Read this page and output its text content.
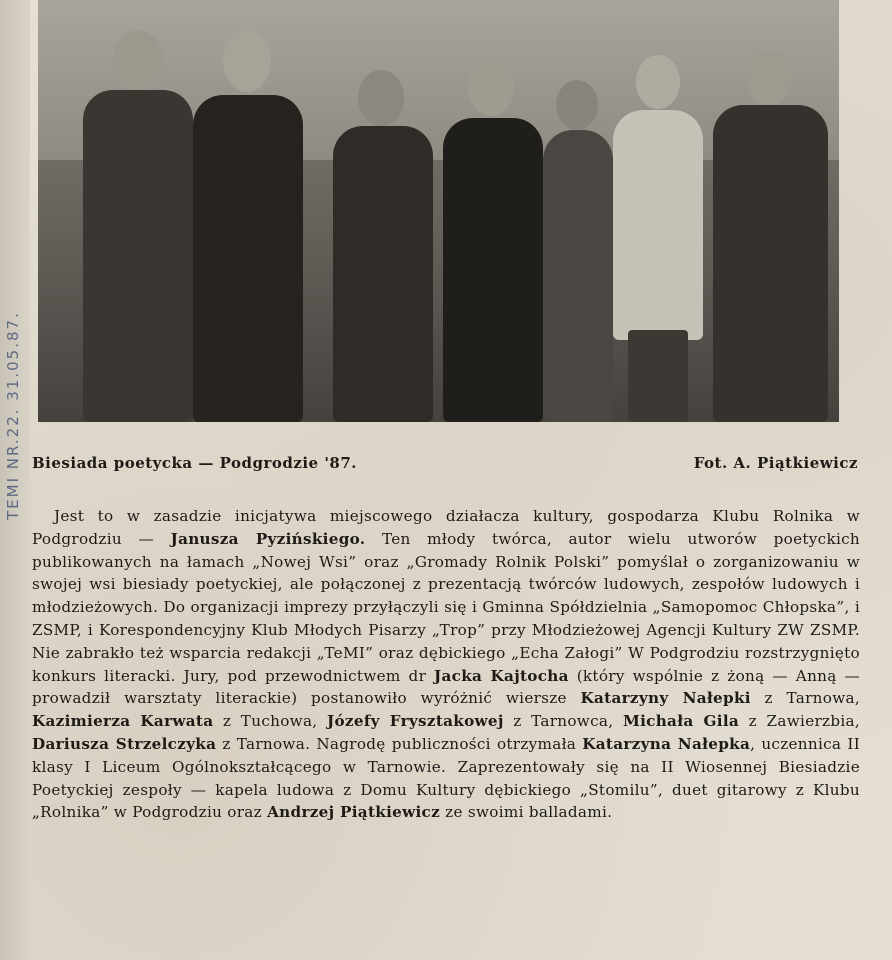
TEMI NR.22. 31.05.87. Biesiada poetycka — Podgrodzie '87.	Fot. A. Piątkiewicz

Jest to w zasadzie inicjatywa miejscowego działacza kultury, gospodarza Klubu Rolnika w Podgrodziu — Janusza Pyzińskiego. Ten młody twórca, autor wielu utworów poetyckich publikowanych na łamach „Nowej Wsi” oraz „Gromady Rolnik Polski” pomyślał o zorganizowaniu w swojej wsi biesiady poetyckiej, ale połączonej z prezentacją twórców ludowych, zespołów ludowych i młodzieżowych. Do organizacji imprezy przyłączyli się i Gminna Spółdzielnia „Samopomoc Chłopska”, i ZSMP, i Korespondencyjny Klub Młodych Pisarzy „Trop” przy Młodzieżowej Agencji Kultury ZW ZSMP. Nie zabrakło też wsparcia redakcji „TeMI” oraz dębickiego „Echa Załogi” W Podgrodziu rozstrzygnięto konkurs literacki. Jury, pod przewodnictwem dr Jacka Kajtocha (który wspólnie z żoną — Anną — prowadził warsztaty literackie) postanowiło wyróżnić wiersze Katarzyny Nałepki z Tarnowa, Kazimierza Karwata z Tuchowa, Józefy Frysztakowej z Tarnowca, Michała Gila z Zawierzbia, Dariusza Strzelczyka z Tarnowa. Nagrodę publiczności otrzymała Katarzyna Nałepka, uczennica II klasy I Liceum Ogólnokształcącego w Tarnowie. Zaprezentowały się na II Wiosennej Biesiadzie Poetyckiej zespoły — kapela ludowa z Domu Kultury dębickiego „Stomilu”, duet gitarowy z Klubu „Rolnika” w Podgrodziu oraz Andrzej Piątkiewicz ze swoimi balladami.
